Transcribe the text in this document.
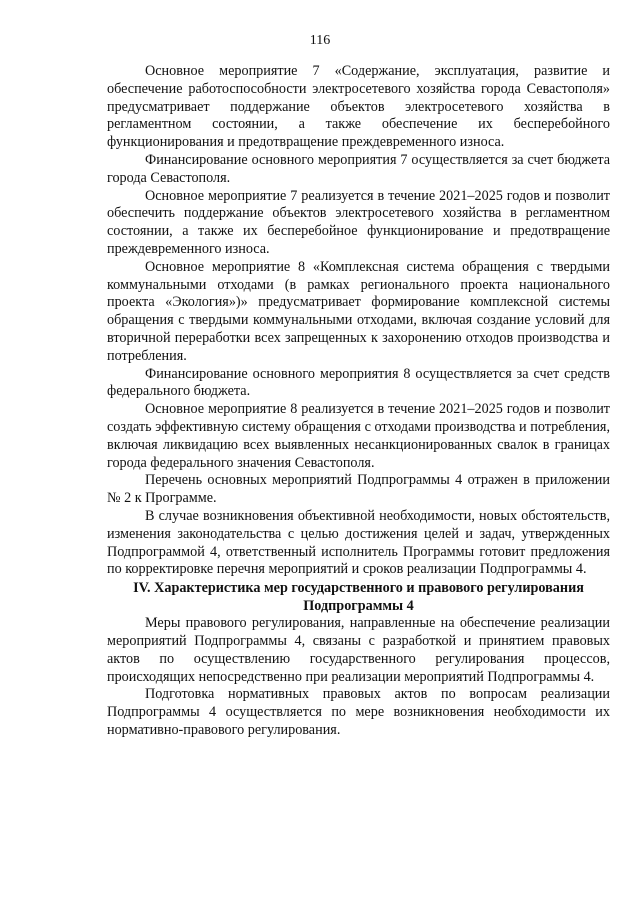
116

Основное мероприятие 7 «Содержание, эксплуатация, развитие и обеспечение работоспособности электросетевого хозяйства города Севастополя» предусматривает поддержание объектов электросетевого хозяйства в регламентном состоянии, а также обеспечение их бесперебойного функционирования и предотвращение преждевременного износа.

Финансирование основного мероприятия 7 осуществляется за счет бюджета города Севастополя.

Основное мероприятие 7 реализуется в течение 2021–2025 годов и позволит обеспечить поддержание объектов электросетевого хозяйства в регламентном состоянии, а также их бесперебойное функционирование и предотвращение преждевременного износа.

Основное мероприятие 8 «Комплексная система обращения с твердыми коммунальными отходами (в рамках регионального проекта национального проекта «Экология»)» предусматривает формирование комплексной системы обращения с твердыми коммунальными отходами, включая создание условий для вторичной переработки всех запрещенных к захоронению отходов производства и потребления.

Финансирование основного мероприятия 8 осуществляется за счет средств федерального бюджета.

Основное мероприятие 8 реализуется в течение 2021–2025 годов и позволит создать эффективную систему обращения с отходами производства и потребления, включая ликвидацию всех выявленных несанкционированных свалок в границах города федерального значения Севастополя.

Перечень основных мероприятий Подпрограммы 4 отражен в приложении № 2 к Программе.

В случае возникновения объективной необходимости, новых обстоятельств, изменения законодательства с целью достижения целей и задач, утвержденных Подпрограммой 4, ответственный исполнитель Программы готовит предложения по корректировке перечня мероприятий и сроков реализации Подпрограммы 4.

IV. Характеристика мер государственного и правового регулирования
Подпрограммы 4

Меры правового регулирования, направленные на обеспечение реализации мероприятий Подпрограммы 4, связаны с разработкой и принятием правовых актов по осуществлению государственного регулирования процессов, происходящих непосредственно при реализации мероприятий Подпрограммы 4.

Подготовка нормативных правовых актов по вопросам реализации Подпрограммы 4 осуществляется по мере возникновения необходимости их нормативно-правового регулирования.
